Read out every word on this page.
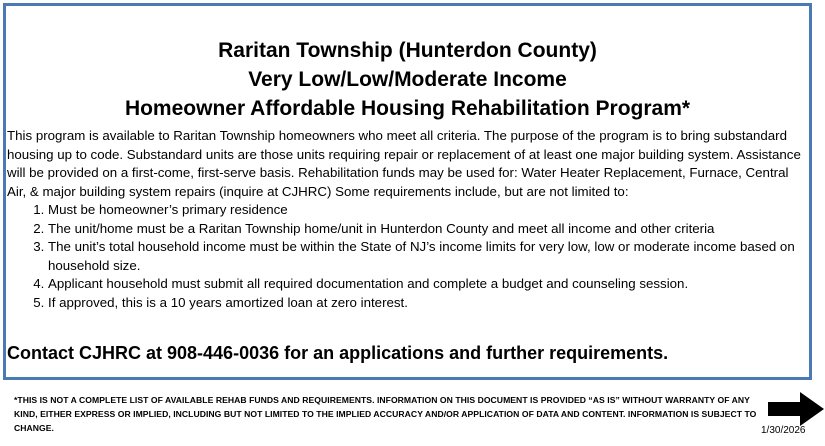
Raritan Township (Hunterdon County)
Very Low/Low/Moderate Income
Homeowner Affordable Housing Rehabilitation Program*

This program is available to Raritan Township homeowners who meet all criteria. The purpose of the program is to bring substandard housing up to code. Substandard units are those units requiring repair or replacement of at least one major building system. Assistance will be provided on a first-come, first-serve basis. Rehabilitation funds may be used for: Water Heater Replacement, Furnace, Central Air, & major building system repairs (inquire at CJHRC) Some requirements include, but are not limited to:

1. Must be homeowner’s primary residence
2. The unit/home must be a Raritan Township home/unit in Hunterdon County and meet all income and other criteria
3. The unit’s total household income must be within the State of NJ’s income limits for very low, low or moderate income based on household size.
4. Applicant household must submit all required documentation and complete a budget and counseling session.
5. If approved, this is a 10 years amortized loan at zero interest.
Contact CJHRC at 908-446-0036 for an applications and further requirements.
*THIS IS NOT A COMPLETE LIST OF AVAILABLE REHAB FUNDS AND REQUIREMENTS. INFORMATION ON THIS DOCUMENT IS PROVIDED “AS IS” WITHOUT WARRANTY OF ANY KIND, EITHER EXPRESS OR IMPLIED, INCLUDING BUT NOT LIMITED TO THE IMPLIED ACCURACY AND/OR APPLICATION OF DATA AND CONTENT. INFORMATION IS SUBJECT TO CHANGE.	1/30/2026
